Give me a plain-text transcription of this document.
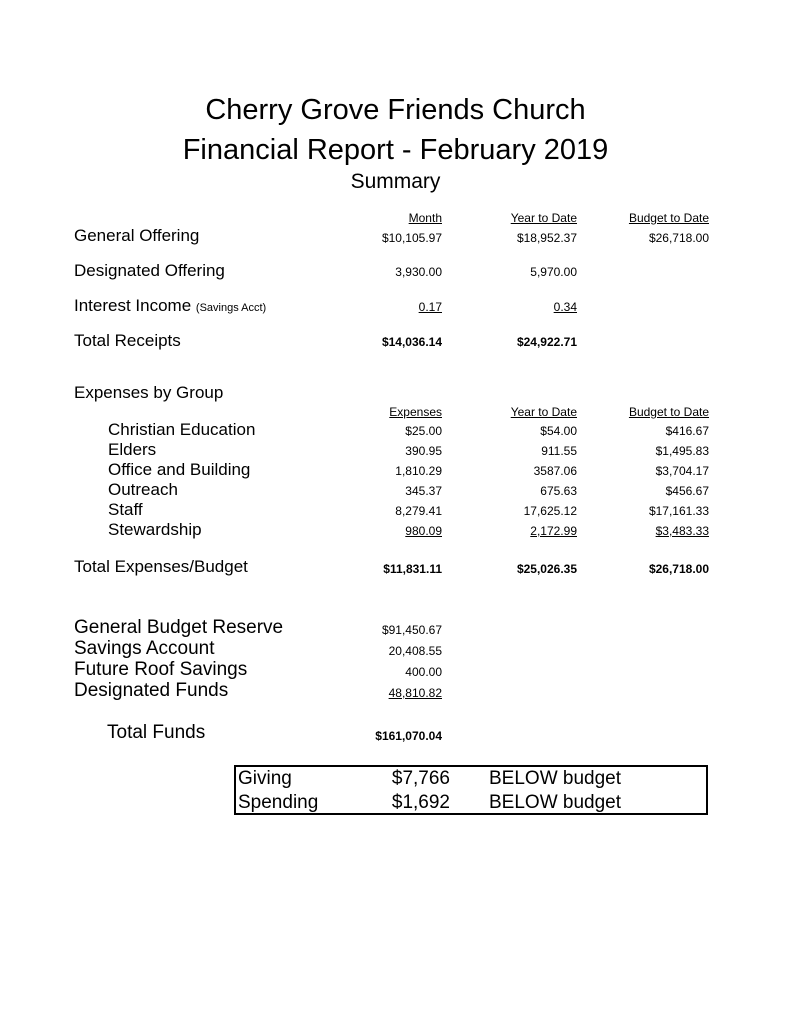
Cherry Grove Friends Church
Financial Report - February 2019
Summary
Month	Year to Date	Budget to Date
General Offering	$10,105.97	$18,952.37	$26,718.00
Designated Offering	3,930.00	5,970.00
Interest Income (Savings Acct)	0.17	0.34
Total Receipts	$14,036.14	$24,922.71
Expenses by Group
Expenses	Year to Date	Budget to Date
Christian Education	$25.00	$54.00	$416.67
Elders	390.95	911.55	$1,495.83
Office and Building	1,810.29	3587.06	$3,704.17
Outreach	345.37	675.63	$456.67
Staff	8,279.41	17,625.12	$17,161.33
Stewardship	980.09	2,172.99	$3,483.33
Total Expenses/Budget	$11,831.11	$25,026.35	$26,718.00
General Budget Reserve	$91,450.67
Savings Account	20,408.55
Future Roof Savings	400.00
Designated Funds	48,810.82
Total Funds	$161,070.04
Giving	$7,766 BELOW budget
Spending	$1,692 BELOW budget
